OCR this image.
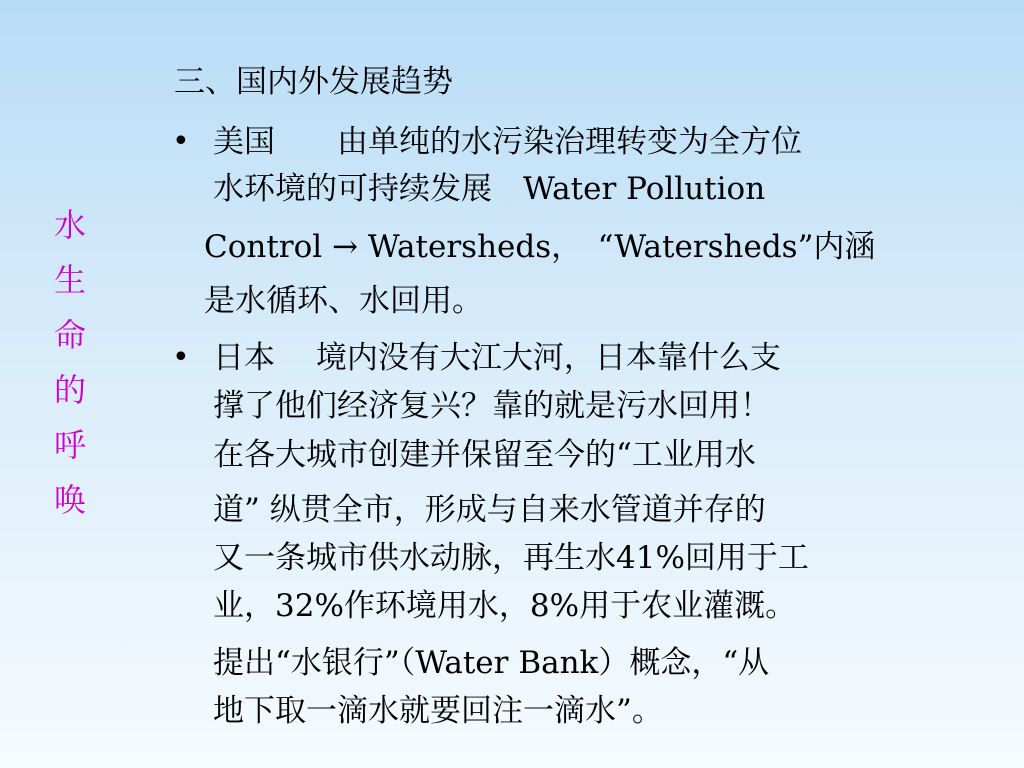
水
生
命
的
呼
唤
三、国内外发展趋势
• 美国　　由单纯的水污染治理转变为全方位
水环境的可持续发展　Water Pollution
Control → Watersheds，　“Watersheds”内涵
是水循环、水回用。
• 日本　 境内没有大江大河，日本靠什么支
撑了他们经济复兴？靠的就是污水回用！
在各大城市创建并保留至今的“工业用水
道” 纵贯全市，形成与自来水管道并存的
又一条城市供水动脉，再生水41%回用于工
业，32%作环境用水，8%用于农业灌溉。
提出“水银行”（Water Bank）概念，“从
地下取一滴水就要回注一滴水”。
